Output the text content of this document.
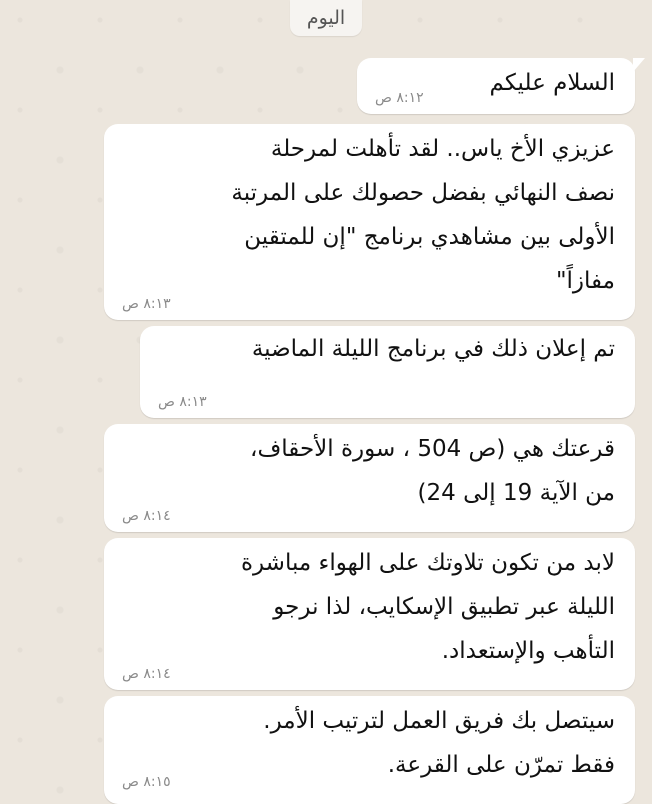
اليوم
السلام عليكم
٨:١٢ ص
عزيزي الأخ ياس.. لقد تأهلت لمرحلة
نصف النهائي بفضل حصولك على المرتبة
الأولى بين مشاهدي برنامج "إن للمتقين
مفازاً"
٨:١٣ ص
تم إعلان ذلك في برنامج الليلة الماضية
٨:١٣ ص
قرعتك هي (ص 504 ، سورة الأحقاف،
من الآية 19 إلى 24)
٨:١٤ ص
لابد من تكون تلاوتك على الهواء مباشرة
الليلة عبر تطبيق الإسكايب، لذا نرجو
التأهب والإستعداد.
٨:١٤ ص
سيتصل بك فريق العمل لترتيب الأمر.
فقط تمرّن على القرعة.
٨:١٥ ص
